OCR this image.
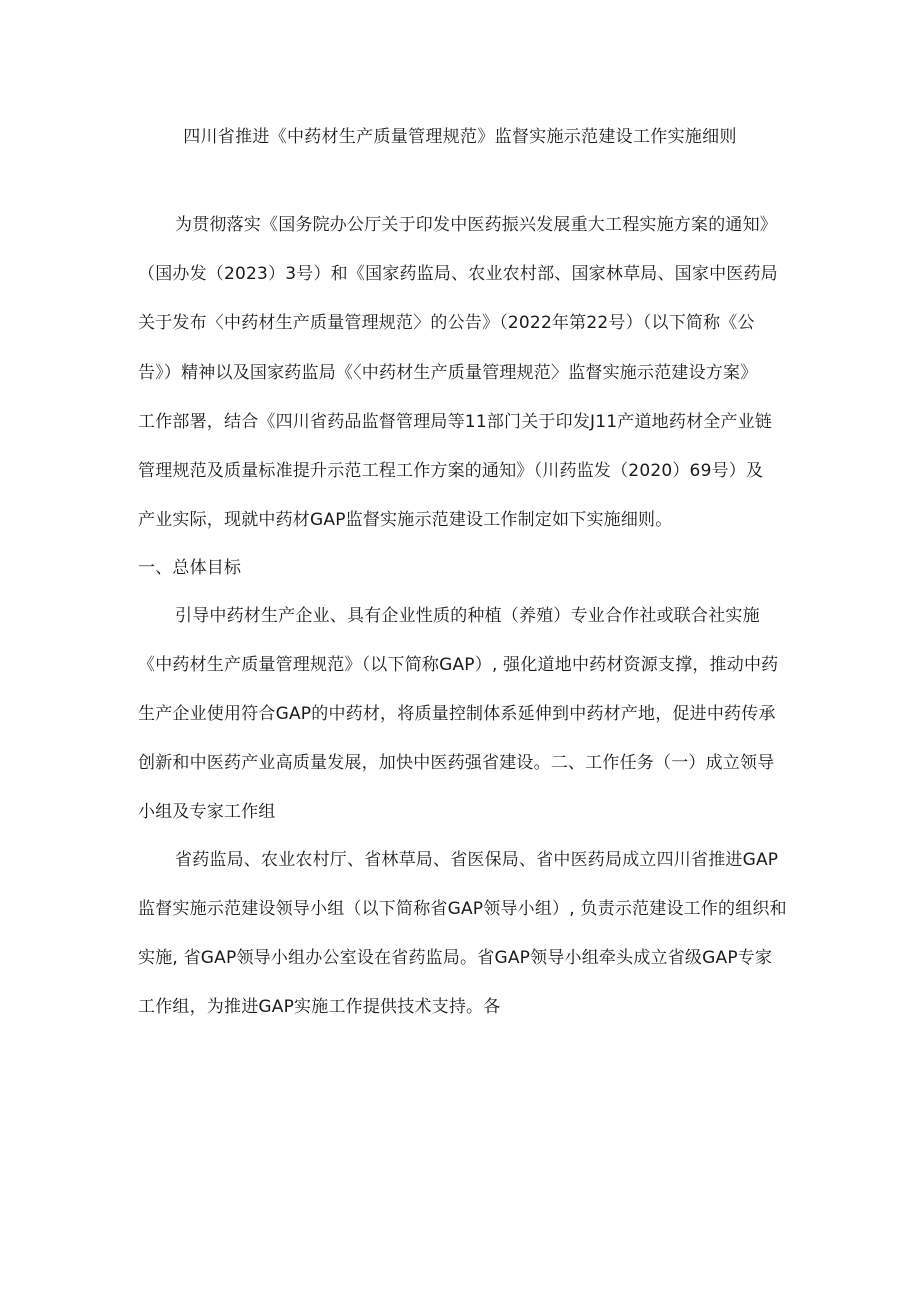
四川省推进《中药材生产质量管理规范》监督实施示范建设工作实施细则
为贯彻落实《国务院办公厅关于印发中医药振兴发展重大工程实施方案的通知》
（国办发（2023）3号）和《国家药监局、农业农村部、国家林草局、国家中医药局
关于发布〈中药材生产质量管理规范〉的公告》（2022年第22号）（以下简称《公
告》）精神以及国家药监局《〈中药材生产质量管理规范〉监督实施示范建设方案》
工作部署，结合《四川省药品监督管理局等11部门关于印发J11产道地药材全产业链
管理规范及质量标准提升示范工程工作方案的通知》（川药监发（2020）69号）及
产业实际，现就中药材GAP监督实施示范建设工作制定如下实施细则。
一、总体目标
引导中药材生产企业、具有企业性质的种植（养殖）专业合作社或联合社实施
《中药材生产质量管理规范》（以下简称GAP）, 强化道地中药材资源支撑，推动中药
生产企业使用符合GAP的中药材，将质量控制体系延伸到中药材产地，促进中药传承
创新和中医药产业高质量发展，加快中医药强省建设。二、工作任务（一）成立领导
小组及专家工作组
省药监局、农业农村厅、省林草局、省医保局、省中医药局成立四川省推进GAP
监督实施示范建设领导小组（以下简称省GAP领导小组）, 负责示范建设工作的组织和
实施, 省GAP领导小组办公室设在省药监局。省GAP领导小组牵头成立省级GAP专家
工作组，为推进GAP实施工作提供技术支持。各
